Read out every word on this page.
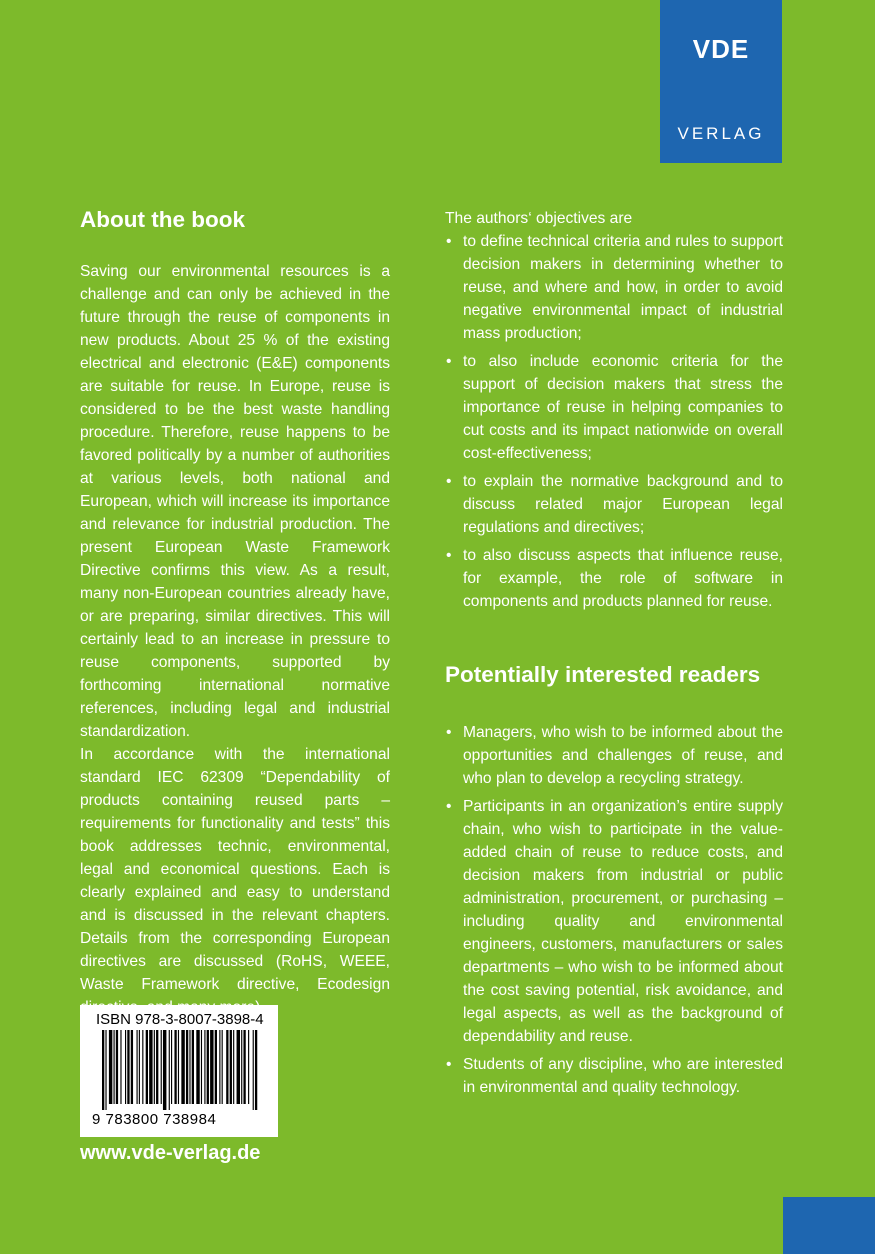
VDE
VERLAG
About the book

Saving our environmental resources is a challenge and can only be achieved in the future through the reuse of components in new products. About 25 % of the existing electrical and electronic (E&E) components are suitable for reuse. In Europe, reuse is considered to be the best waste handling procedure. Therefore, reuse happens to be favored politically by a number of authorities at various levels, both national and European, which will increase its importance and relevance for industrial production. The present European Waste Framework Directive confirms this view. As a result, many non-European countries already have, or are preparing, similar directives. This will certainly lead to an increase in pressure to reuse components, supported by forthcoming international normative references, including legal and industrial standardization.

In accordance with the international standard IEC 62309 “Dependability of products containing reused parts – requirements for functionality and tests” this book addresses technic, environmental, legal and economical questions. Each is clearly explained and easy to understand and is discussed in the relevant chapters. Details from the corresponding European directives are discussed (RoHS, WEEE, Waste Framework directive, Ecodesign

The authors‘ objectives are

• to define technical criteria and rules to support decision makers in determining whether to reuse, and where and how, in order to avoid negative environmental impact of industrial mass production;
• to also include economic criteria for the support of decision makers that stress the importance of reuse in helping companies to cut costs and its impact nationwide on overall cost-effectiveness;
• to explain the normative background and to discuss related major European legal regulations and directives;
• to also discuss aspects that influence reuse, for example, the role of software in components and products planned for reuse.
Potentially interested readers
• Managers, who wish to be informed about the opportunities and challenges of reuse, and who plan to develop a recycling strategy.
• Participants in an organization’s entire supply chain, who wish to participate in the value-added chain of reuse to reduce costs, and decision makers from industrial or public administration, procurement, or purchasing – including quality and environmental engineers, customers, manufacturers or sales departments – who wish to be informed about the cost saving potential, risk avoidance, and legal aspects, as well as the background of dependability and reuse.
• Students of any discipline, who are interested in environmental and quality technology.
ISBN 978-3-8007-3898-4
9 783800 738984
www.vde-verlag.de
